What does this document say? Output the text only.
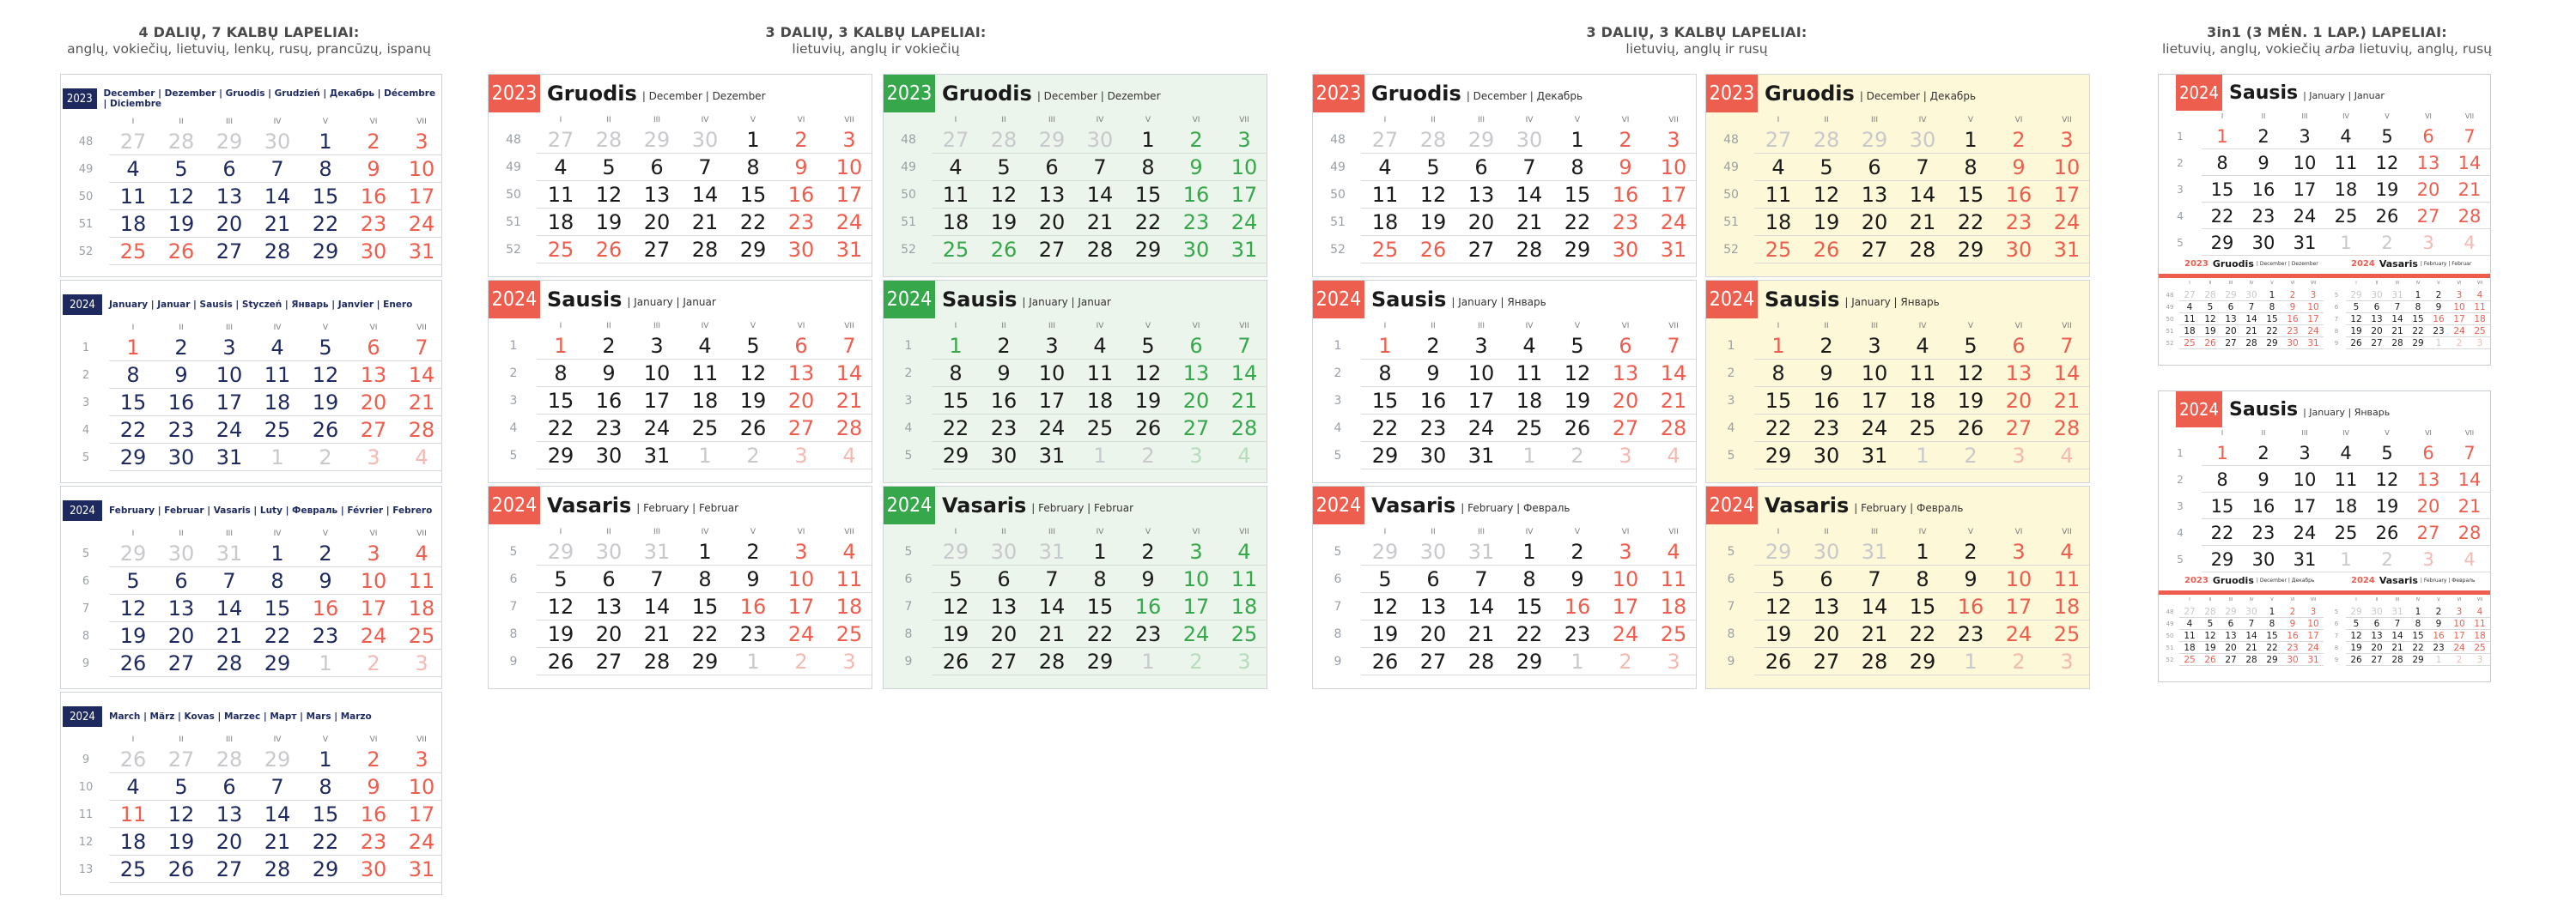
4 DALIŲ, 7 KALBŲ LAPELIAI:
anglų, vokiečių, lietuvių, lenkų, rusų, prancūzų, ispanų
3 DALIŲ, 3 KALBŲ LAPELIAI:
lietuvių, anglų ir vokiečių
3 DALIŲ, 3 KALBŲ LAPELIAI:
lietuvių, anglų ir rusų
3in1 (3 MĖN. 1 LAP.) LAPELIAI:
lietuvių, anglų, vokiečių arba lietuvių, anglų, rusų
2023	December | Dezember | Gruodis | Grudzień | Декабрь | Décembre | Diciembre
I	II	III	IV	V	VI	VII
48	27	28	29	30	1	2	3
49	4	5	6	7	8	9	10
50	11	12	13	14	15	16	17
51	18	19	20	21	22	23	24
52	25	26	27	28	29	30	31
2024	January | Januar | Sausis | Styczeń | Январь | Janvier | Enero
I	II	III	IV	V	VI	VII
1	1	2	3	4	5	6	7
2	8	9	10	11	12	13	14
3	15	16	17	18	19	20	21
4	22	23	24	25	26	27	28
5	29	30	31	1	2	3	4
2024	February | Februar | Vasaris | Luty | Февраль | Février | Febrero
I	II	III	IV	V	VI	VII
5	29	30	31	1	2	3	4
6	5	6	7	8	9	10	11
7	12	13	14	15	16	17	18
8	19	20	21	22	23	24	25
9	26	27	28	29	1	2	3
2024	March | März | Kovas | Marzec | Март | Mars | Marzo
I	II	III	IV	V	VI	VII
9	26	27	28	29	1	2	3
10	4	5	6	7	8	9	10
11	11	12	13	14	15	16	17
12	18	19	20	21	22	23	24
13	25	26	27	28	29	30	31
2023 Gruodis | December | Dezember
I	II	III	IV	V	VI	VII
48	27	28	29	30	1	2	3
49	4	5	6	7	8	9	10
50	11	12	13	14	15	16	17
51	18	19	20	21	22	23	24
52	25	26	27	28	29	30	31
2024 Sausis | January | Januar
I	II	III	IV	V	VI	VII
1	1	2	3	4	5	6	7
2	8	9	10	11	12	13	14
3	15	16	17	18	19	20	21
4	22	23	24	25	26	27	28
5	29	30	31	1	2	3	4
2024 Vasaris | February | Februar
I	II	III	IV	V	VI	VII
5	29	30	31	1	2	3	4
6	5	6	7	8	9	10	11
7	12	13	14	15	16	17	18
8	19	20	21	22	23	24	25
9	26	27	28	29	1	2	3
2023 Gruodis | December | Dezember
I	II	III	IV	V	VI	VII
48	27	28	29	30	1	2	3
49	4	5	6	7	8	9	10
50	11	12	13	14	15	16	17
51	18	19	20	21	22	23	24
52	25	26	27	28	29	30	31
2024 Sausis | January | Januar
I	II	III	IV	V	VI	VII
1	1	2	3	4	5	6	7
2	8	9	10	11	12	13	14
3	15	16	17	18	19	20	21
4	22	23	24	25	26	27	28
5	29	30	31	1	2	3	4
2024 Vasaris | February | Februar
I	II	III	IV	V	VI	VII
5	29	30	31	1	2	3	4
6	5	6	7	8	9	10	11
7	12	13	14	15	16	17	18
8	19	20	21	22	23	24	25
9	26	27	28	29	1	2	3
2023 Gruodis | December | Декабрь
I	II	III	IV	V	VI	VII
48	27	28	29	30	1	2	3
49	4	5	6	7	8	9	10
50	11	12	13	14	15	16	17
51	18	19	20	21	22	23	24
52	25	26	27	28	29	30	31
2024 Sausis | January | Январь
I	II	III	IV	V	VI	VII
1	1	2	3	4	5	6	7
2	8	9	10	11	12	13	14
3	15	16	17	18	19	20	21
4	22	23	24	25	26	27	28
5	29	30	31	1	2	3	4
2024 Vasaris | February | Февраль
I	II	III	IV	V	VI	VII
5	29	30	31	1	2	3	4
6	5	6	7	8	9	10	11
7	12	13	14	15	16	17	18
8	19	20	21	22	23	24	25
9	26	27	28	29	1	2	3
2023 Gruodis | December | Декабрь
I	II	III	IV	V	VI	VII
48	27	28	29	30	1	2	3
49	4	5	6	7	8	9	10
50	11	12	13	14	15	16	17
51	18	19	20	21	22	23	24
52	25	26	27	28	29	30	31
2024 Sausis | January | Январь
I	II	III	IV	V	VI	VII
1	1	2	3	4	5	6	7
2	8	9	10	11	12	13	14
3	15	16	17	18	19	20	21
4	22	23	24	25	26	27	28
5	29	30	31	1	2	3	4
2024 Vasaris | February | Февраль
I	II	III	IV	V	VI	VII
5	29	30	31	1	2	3	4
6	5	6	7	8	9	10	11
7	12	13	14	15	16	17	18
8	19	20	21	22	23	24	25
9	26	27	28	29	1	2	3
2024 Sausis | January | Januar
I	II	III	IV	V	VI	VII
1	1	2	3	4	5	6	7
2	8	9	10	11	12	13	14
3	15	16	17	18	19	20	21
4	22	23	24	25	26	27	28
5	29	30	31	1	2	3	4
2023 Gruodis | December | Dezember
I	II	III	IV	V	VI	VII
48	27	28	29	30	1	2	3
49	4	5	6	7	8	9	10
50	11	12	13	14	15	16	17
51	18	19	20	21	22	23	24
52	25	26	27	28	29	30	31
2024 Vasaris | February | Februar
I	II	III	IV	V	VI	VII
5	29	30	31	1	2	3	4
6	5	6	7	8	9	10	11
7	12	13	14	15	16	17	18
8	19	20	21	22	23	24	25
9	26	27	28	29	1	2	3
2024 Sausis | January | Январь
I	II	III	IV	V	VI	VII
1	1	2	3	4	5	6	7
2	8	9	10	11	12	13	14
3	15	16	17	18	19	20	21
4	22	23	24	25	26	27	28
5	29	30	31	1	2	3	4
2023 Gruodis | December | Декабрь
I	II	III	IV	V	VI	VII
48	27	28	29	30	1	2	3
49	4	5	6	7	8	9	10
50	11	12	13	14	15	16	17
51	18	19	20	21	22	23	24
52	25	26	27	28	29	30	31
2024 Vasaris | February | Февраль
I	II	III	IV	V	VI	VII
5	29	30	31	1	2	3	4
6	5	6	7	8	9	10	11
7	12	13	14	15	16	17	18
8	19	20	21	22	23	24	25
9	26	27	28	29	1	2	3
